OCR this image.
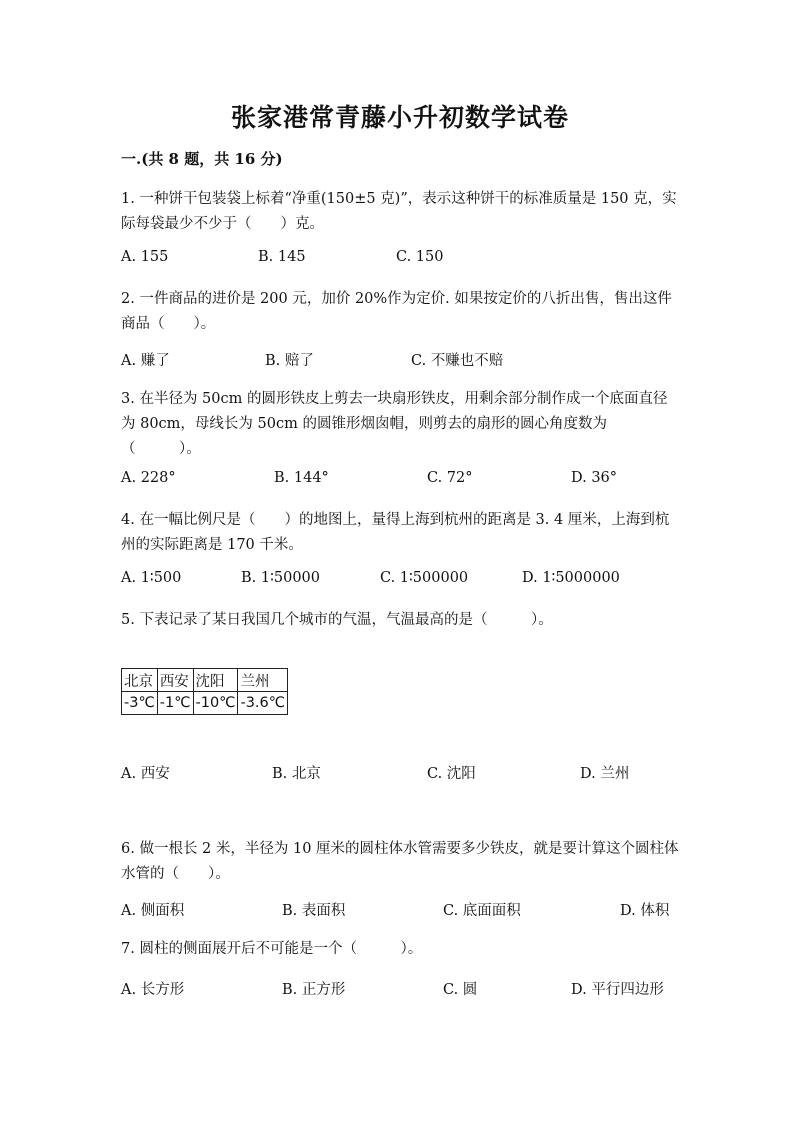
张家港常青藤小升初数学试卷
一.(共 8 题，共 16 分)
1. 一种饼干包装袋上标着“净重(150±5 克)”，表示这种饼干的标准质量是 150 克，实际每袋最少不少于（　　）克。
A. 155	B. 145	C. 150
2. 一件商品的进价是 200 元，加价 20%作为定价. 如果按定价的八折出售，售出这件商品（　　）。
A. 赚了	B. 赔了	C. 不赚也不赔
3. 在半径为 50cm 的圆形铁皮上剪去一块扇形铁皮，用剩余部分制作成一个底面直径为 80cm，母线长为 50cm 的圆锥形烟囱帽，则剪去的扇形的圆心角度数为（　　　）。
A. 228°	B. 144°	C. 72°	D. 36°
4. 在一幅比例尺是（　　）的地图上，量得上海到杭州的距离是 3. 4 厘米，上海到杭州的实际距离是 170 千米。
A. 1∶500	B. 1∶50000	C. 1∶500000	D. 1∶5000000
5. 下表记录了某日我国几个城市的气温，气温最高的是（　　　）。
北京	西安	沈阳	兰州
-3℃	-1℃	-10℃	-3.6℃
A. 西安	B. 北京	C. 沈阳	D. 兰州
6. 做一根长 2 米，半径为 10 厘米的圆柱体水管需要多少铁皮，就是要计算这个圆柱体水管的（　　）。
A. 侧面积	B. 表面积	C. 底面面积	D. 体积
7. 圆柱的侧面展开后不可能是一个（　　　）。
A. 长方形	B. 正方形	C. 圆	D. 平行四边形
